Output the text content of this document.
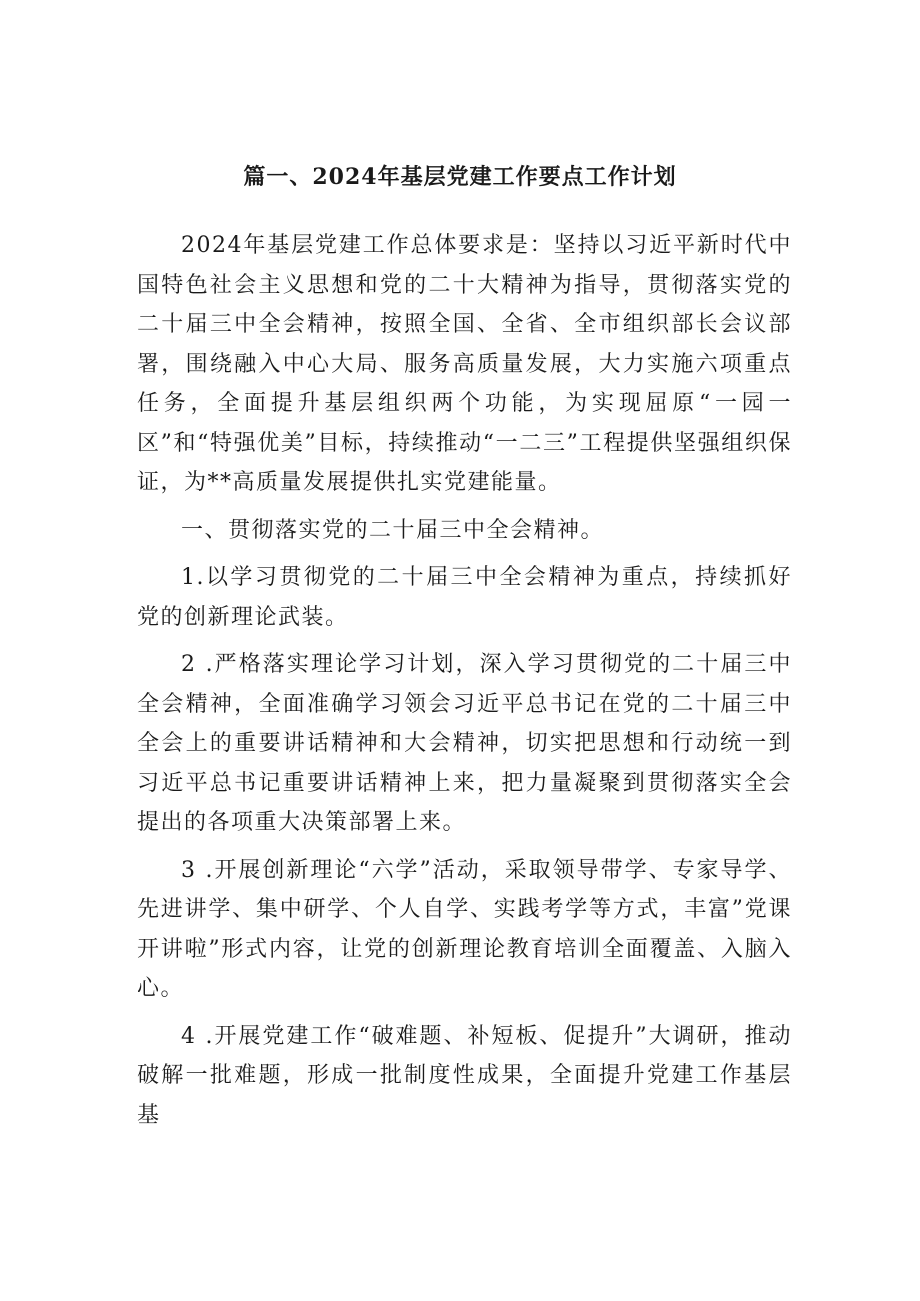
篇一、2024年基层党建工作要点工作计划

2024年基层党建工作总体要求是：坚持以习近平新时代中国特色社会主义思想和党的二十大精神为指导，贯彻落实党的二十届三中全会精神，按照全国、全省、全市组织部长会议部署，围绕融入中心大局、服务高质量发展，大力实施六项重点任务，全面提升基层组织两个功能，为实现屈原“一园一区”和“特强优美”目标，持续推动“一二三”工程提供坚强组织保证，为**高质量发展提供扎实党建能量。

一、贯彻落实党的二十届三中全会精神。

1.以学习贯彻党的二十届三中全会精神为重点，持续抓好党的创新理论武装。

2 .严格落实理论学习计划，深入学习贯彻党的二十届三中全会精神，全面准确学习领会习近平总书记在党的二十届三中全会上的重要讲话精神和大会精神，切实把思想和行动统一到习近平总书记重要讲话精神上来，把力量凝聚到贯彻落实全会提出的各项重大决策部署上来。

3 .开展创新理论“六学”活动，采取领导带学、专家导学、先进讲学、集中研学、个人自学、实践考学等方式，丰富”党课开讲啦”形式内容，让党的创新理论教育培训全面覆盖、入脑入心。

4 .开展党建工作“破难题、补短板、促提升”大调研，推动破解一批难题，形成一批制度性成果，全面提升党建工作基层基
